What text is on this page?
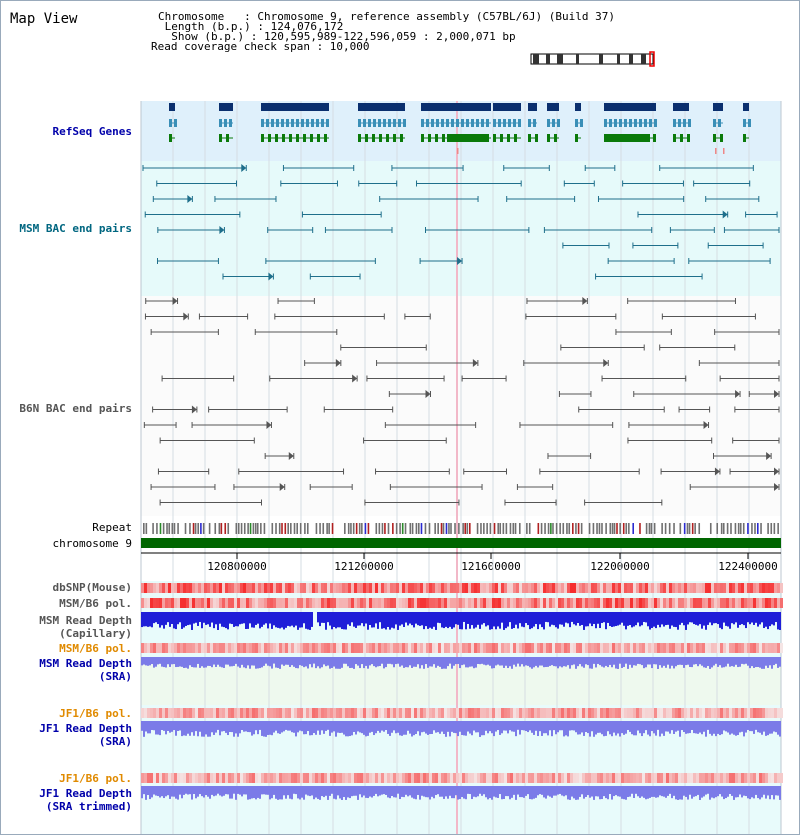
Map View	Chromosome   : Chromosome 9, reference assembly (C57BL/6J) (Build 37)
Length (b.p.) : 124,076,172
Show (b.p.) : 120,595,989-122,596,059 : 2,000,071 bp
Read coverage check span : 10,000
RefSeq Genes
MSM BAC end pairs
B6N BAC end pairs
Repeat
chromosome 9
dbSNP(Mouse)
MSM/B6 pol.
MSM Read Depth
(Capillary)
MSM/B6 pol.
MSM Read Depth
(SRA)
JF1/B6 pol.
JF1 Read Depth
(SRA)
JF1/B6 pol.
JF1 Read Depth
(SRA trimmed)
120800000	121200000	121600000	122000000	122400000
